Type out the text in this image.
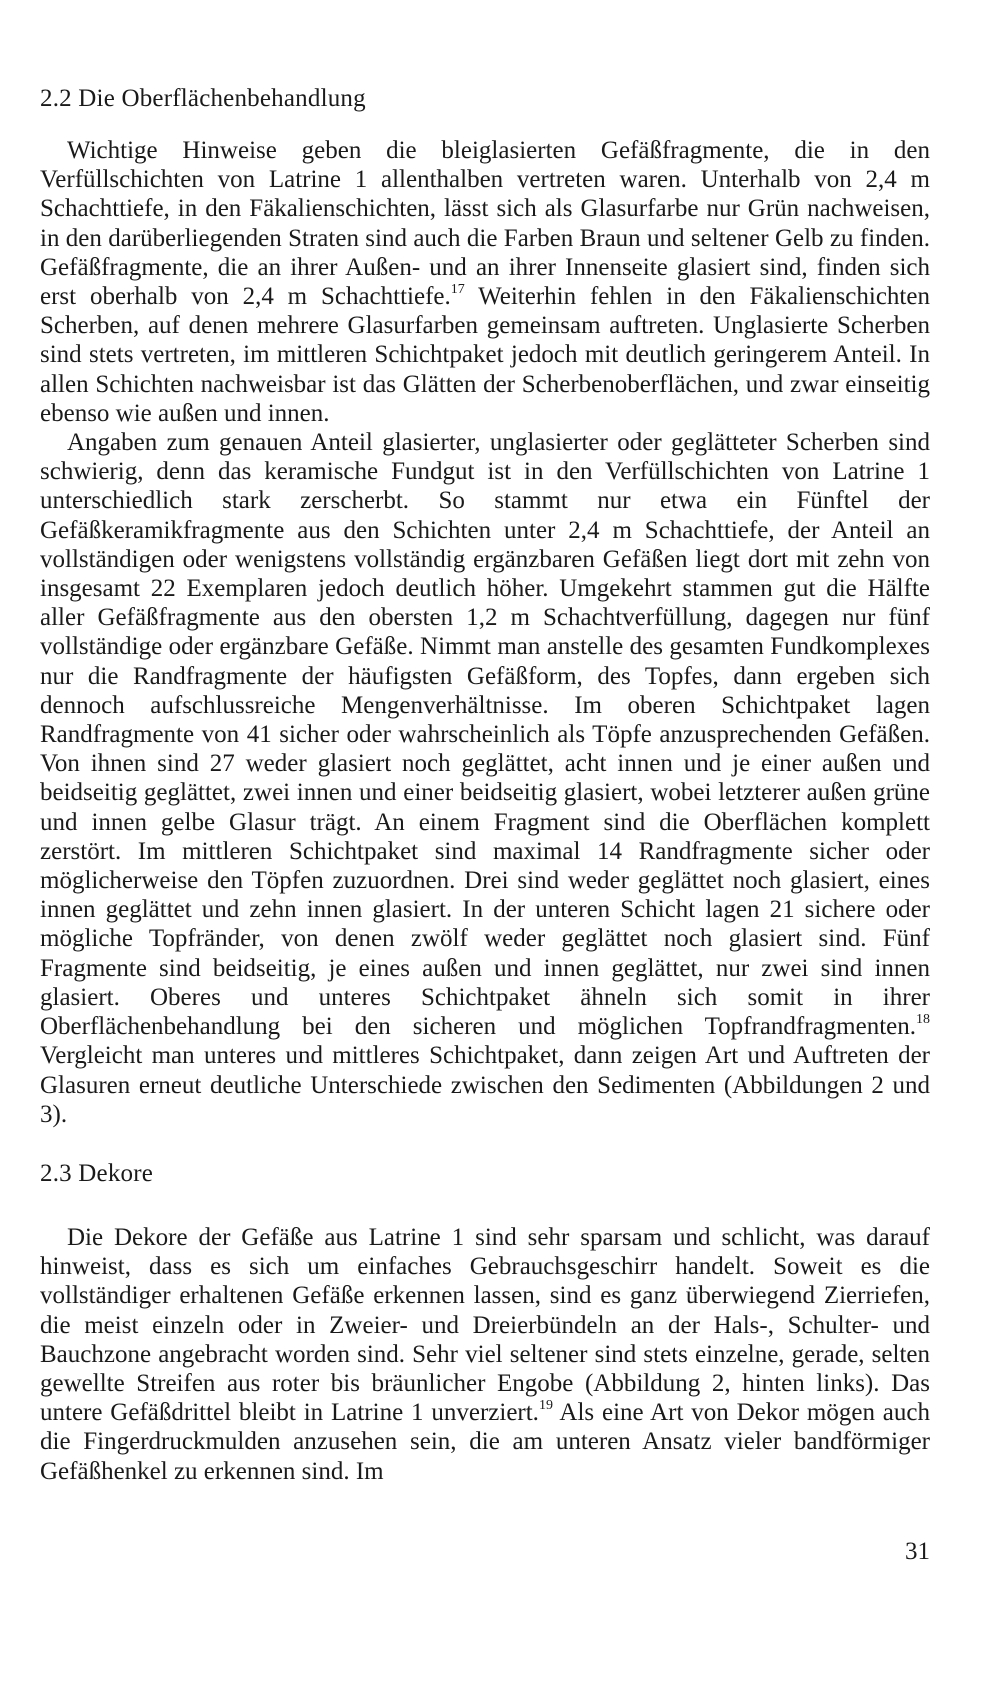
2.2 Die Oberflächenbehandlung

Wichtige Hinweise geben die bleiglasierten Gefäßfragmente, die in den Verfüllschichten von Latrine 1 allenthalben vertreten waren. Unterhalb von 2,4 m Schachttiefe, in den Fäkalienschichten, lässt sich als Glasurfarbe nur Grün nachweisen, in den darüberliegenden Straten sind auch die Farben Braun und seltener Gelb zu finden. Gefäßfragmente, die an ihrer Außen- und an ihrer Innenseite glasiert sind, finden sich erst oberhalb von 2,4 m Schachttiefe.$^{17}$ Weiterhin fehlen in den Fäkalienschichten Scherben, auf denen mehrere Glasurfarben gemeinsam auftreten. Unglasierte Scherben sind stets vertreten, im mittleren Schichtpaket jedoch mit deutlich geringerem Anteil. In allen Schichten nachweisbar ist das Glätten der Scherbenoberflächen, und zwar einseitig ebenso wie außen und innen.

Angaben zum genauen Anteil glasierter, unglasierter oder geglätteter Scherben sind schwierig, denn das keramische Fundgut ist in den Verfüllschichten von Latrine 1 unterschiedlich stark zerscherbt. So stammt nur etwa ein Fünftel der Gefäßkeramikfragmente aus den Schichten unter 2,4 m Schachttiefe, der Anteil an vollständigen oder wenigstens vollständig ergänzbaren Gefäßen liegt dort mit zehn von insgesamt 22 Exemplaren jedoch deutlich höher. Umgekehrt stammen gut die Hälfte aller Gefäßfragmente aus den obersten 1,2 m Schachtverfüllung, dagegen nur fünf vollständige oder ergänzbare Gefäße. Nimmt man anstelle des gesamten Fundkomplexes nur die Randfragmente der häufigsten Gefäßform, des Topfes, dann ergeben sich dennoch aufschlussreiche Mengenverhältnisse. Im oberen Schichtpaket lagen Randfragmente von 41 sicher oder wahrscheinlich als Töpfe anzusprechenden Gefäßen. Von ihnen sind 27 weder glasiert noch geglättet, acht innen und je einer außen und beidseitig geglättet, zwei innen und einer beidseitig glasiert, wobei letzterer außen grüne und innen gelbe Glasur trägt. An einem Fragment sind die Oberflächen komplett zerstört. Im mittleren Schichtpaket sind maximal 14 Randfragmente sicher oder möglicherweise den Töpfen zuzuordnen. Drei sind weder geglättet noch glasiert, eines innen geglättet und zehn innen glasiert. In der unteren Schicht lagen 21 sichere oder mögliche Topfränder, von denen zwölf weder geglättet noch glasiert sind. Fünf Fragmente sind beidseitig, je eines außen und innen geglättet, nur zwei sind innen glasiert. Oberes und unteres Schichtpaket ähneln sich somit in ihrer Oberflächenbehandlung bei den sicheren und möglichen Topfrandfragmenten.$^{18}$ Vergleicht man unteres und mittleres Schichtpaket, dann zeigen Art und Auftreten der Glasuren erneut deutliche Unterschiede zwischen den Sedimenten (Abbildungen 2 und 3).

2.3 Dekore

Die Dekore der Gefäße aus Latrine 1 sind sehr sparsam und schlicht, was darauf hinweist, dass es sich um einfaches Gebrauchsgeschirr handelt. Soweit es die vollständiger erhaltenen Gefäße erkennen lassen, sind es ganz überwiegend Zierriefen, die meist einzeln oder in Zweier- und Dreierbündeln an der Hals-, Schulter- und Bauchzone angebracht worden sind. Sehr viel seltener sind stets einzelne, gerade, selten gewellte Streifen aus roter bis bräunlicher Engobe (Abbildung 2, hinten links). Das untere Gefäßdrittel bleibt in Latrine 1 unverziert.$^{19}$ Als eine Art von Dekor mögen auch die Fingerdruckmulden anzusehen sein, die am unteren Ansatz vieler bandförmiger Gefäßhenkel zu erkennen sind. Im

31
